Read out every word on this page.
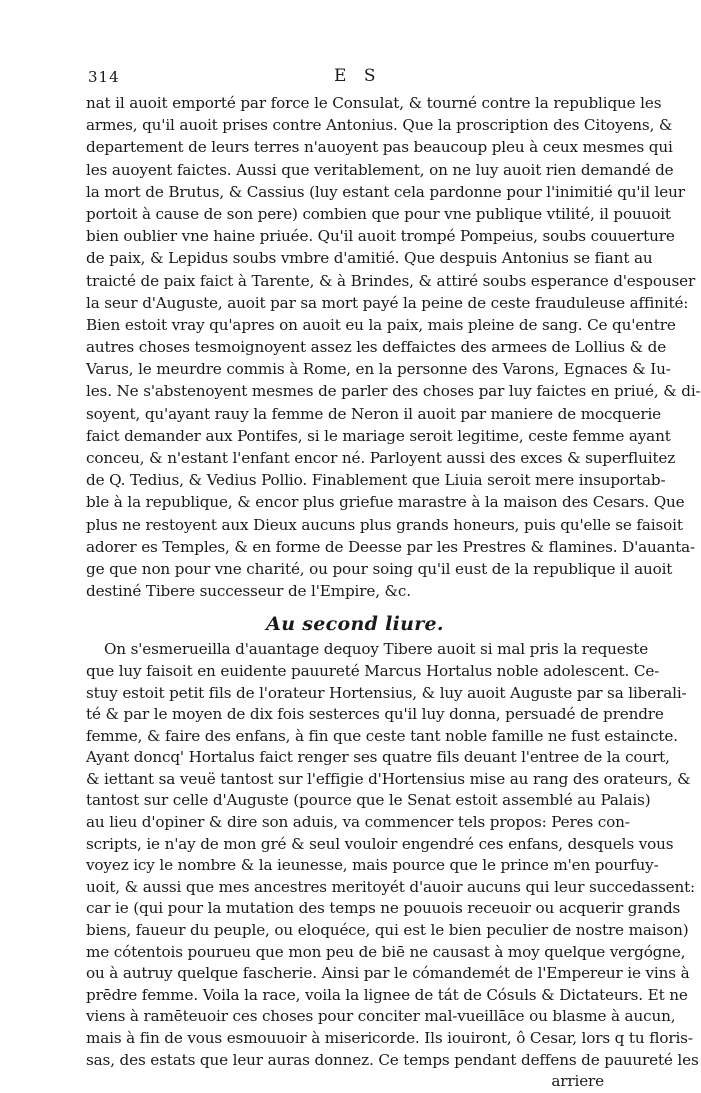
314	E S
nat il auoit emporté par force le Consulat, & tourné contre la republique les
armes, qu'il auoit prises contre Antonius. Que la proscription des Citoyens, &
departement de leurs terres n'auoyent pas beaucoup pleu à ceux mesmes qui
les auoyent faictes. Aussi que veritablement, on ne luy auoit rien demandé de
la mort de Brutus, & Cassius (luy estant cela pardonne pour l'inimitié qu'il leur
portoit à cause de son pere) combien que pour vne publique vtilité, il pouuoit
bien oublier vne haine priuée. Qu'il auoit trompé Pompeius, soubs couuerture
de paix, & Lepidus soubs vmbre d'amitié. Que despuis Antonius se fiant au
traicté de paix faict à Tarente, & à Brindes, & attiré soubs esperance d'espouser
la seur d'Auguste, auoit par sa mort payé la peine de ceste frauduleuse affinité:
Bien estoit vray qu'apres on auoit eu la paix, mais pleine de sang. Ce qu'entre
autres choses tesmoignoyent assez les deffaictes des armees de Lollius & de
Varus, le meurdre commis à Rome, en la personne des Varons, Egnaces & Iu-
les. Ne s'abstenoyent mesmes de parler des choses par luy faictes en priué, & di-
soyent, qu'ayant rauy la femme de Neron il auoit par maniere de mocquerie
faict demander aux Pontifes, si le mariage seroit legitime, ceste femme ayant
conceu, & n'estant l'enfant encor né. Parloyent aussi des exces & superfluitez
de Q. Tedius, & Vedius Pollio. Finablement que Liuia seroit mere insuportab-
ble à la republique, & encor plus griefue marastre à la maison des Cesars. Que
plus ne restoyent aux Dieux aucuns plus grands honeurs, puis qu'elle se faisoit
adorer es Temples, & en forme de Deesse par les Prestres & flamines. D'auanta-
ge que non pour vne charité, ou pour soing qu'il eust de la republique il auoit
destiné Tibere successeur de l'Empire, &c.
Au second liure.
On s'esmerueilla d'auantage dequoy Tibere auoit si mal pris la requeste
que luy faisoit en euidente pauureté Marcus Hortalus noble adolescent. Ce-
stuy estoit petit fils de l'orateur Hortensius, & luy auoit Auguste par sa liberali-
té & par le moyen de dix fois sesterces qu'il luy donna, persuadé de prendre
femme, & faire des enfans, à fin que ceste tant noble famille ne fust estaincte.
Ayant doncq' Hortalus faict renger ses quatre fils deuant l'entree de la court,
& iettant sa veuë tantost sur l'effigie d'Hortensius mise au rang des orateurs, &
tantost sur celle d'Auguste (pource que le Senat estoit assemblé au Palais)
au lieu d'opiner & dire son aduis, va commencer tels propos: Peres con-
scripts, ie n'ay de mon gré & seul vouloir engendré ces enfans, desquels vous
voyez icy le nombre & la ieunesse, mais pource que le prince m'en pourfuy-
uoit, & aussi que mes ancestres meritoyét d'auoir aucuns qui leur succedassent:
car ie (qui pour la mutation des temps ne pouuois receuoir ou acquerir grands
biens, faueur du peuple, ou eloquéce, qui est le bien peculier de nostre maison)
me cótentois pourueu que mon peu de biē ne causast à moy quelque vergógne,
ou à autruy quelque fascherie. Ainsi par le cómandemét de l'Empereur ie vins à
prēdre femme. Voila la race, voila la lignee de tát de Cósuls & Dictateurs. Et ne
viens à ramēteuoir ces choses pour conciter mal-vueillāce ou blasme à aucun,
mais à fin de vous esmouuoir à misericorde. Ils iouiront, ô Cesar, lors q tu floris-
sas, des estats que leur auras donnez. Ce temps pendant deffens de pauureté les
arriere
